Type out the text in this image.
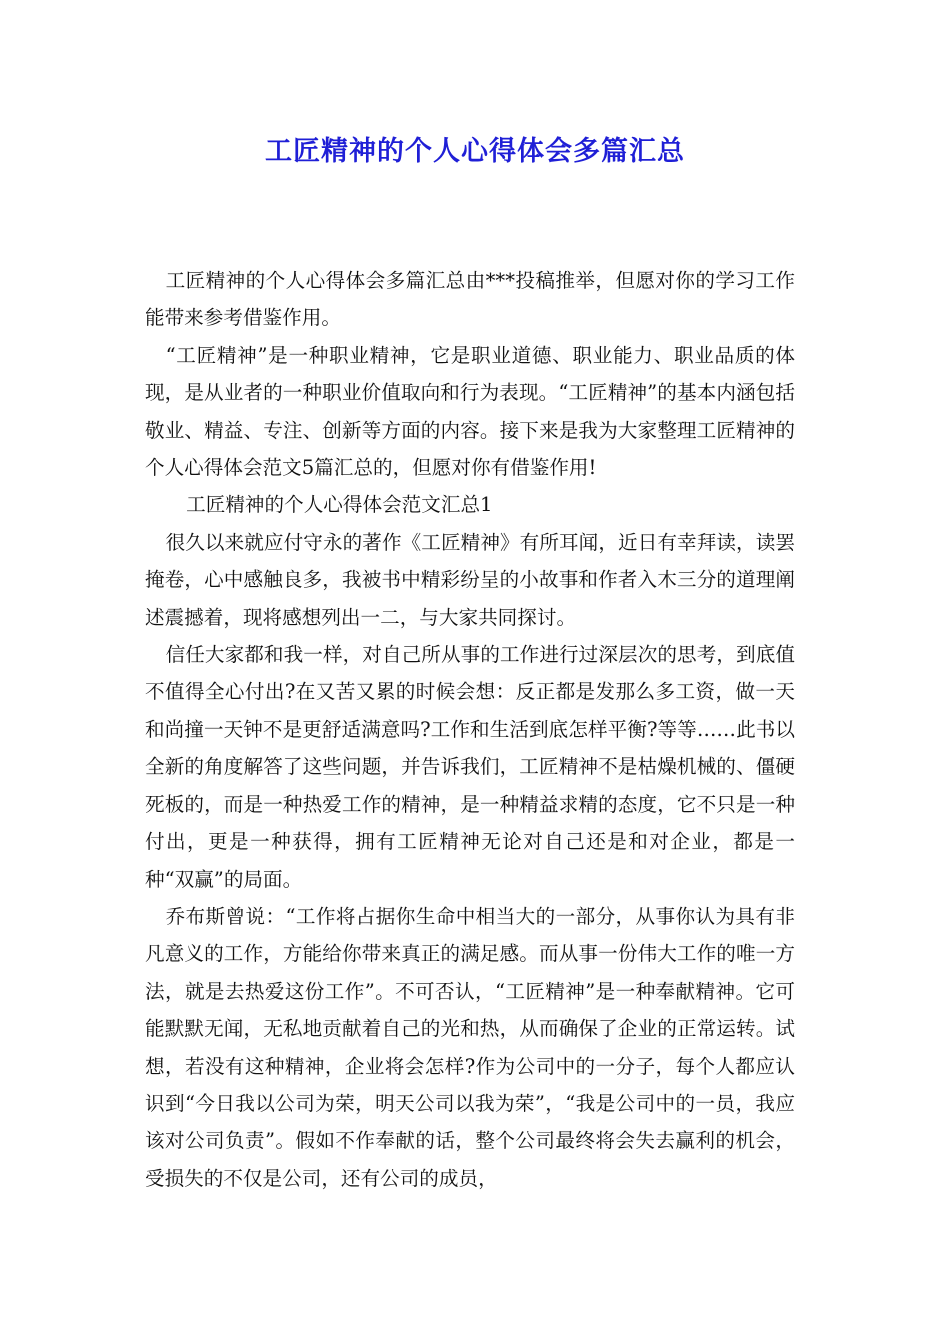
工匠精神的个人心得体会多篇汇总

工匠精神的个人心得体会多篇汇总由***投稿推举，但愿对你的学习工作能带来参考借鉴作用。

“工匠精神”是一种职业精神，它是职业道德、职业能力、职业品质的体现，是从业者的一种职业价值取向和行为表现。“工匠精神”的基本内涵包括敬业、精益、专注、创新等方面的内容。接下来是我为大家整理工匠精神的个人心得体会范文5篇汇总的，但愿对你有借鉴作用!

工匠精神的个人心得体会范文汇总1

很久以来就应付守永的著作《工匠精神》有所耳闻，近日有幸拜读，读罢掩卷，心中感触良多，我被书中精彩纷呈的小故事和作者入木三分的道理阐述震撼着，现将感想列出一二，与大家共同探讨。

信任大家都和我一样，对自己所从事的工作进行过深层次的思考，到底值不值得全心付出?在又苦又累的时候会想：反正都是发那么多工资，做一天和尚撞一天钟不是更舒适满意吗?工作和生活到底怎样平衡?等等……此书以全新的角度解答了这些问题，并告诉我们，工匠精神不是枯燥机械的、僵硬死板的，而是一种热爱工作的精神，是一种精益求精的态度，它不只是一种付出，更是一种获得，拥有工匠精神无论对自己还是和对企业，都是一种“双赢”的局面。

乔布斯曾说：“工作将占据你生命中相当大的一部分，从事你认为具有非凡意义的工作，方能给你带来真正的满足感。而从事一份伟大工作的唯一方法，就是去热爱这份工作”。不可否认，“工匠精神”是一种奉献精神。它可能默默无闻，无私地贡献着自己的光和热，从而确保了企业的正常运转。试想，若没有这种精神，企业将会怎样?作为公司中的一分子，每个人都应认识到“今日我以公司为荣，明天公司以我为荣”，“我是公司中的一员，我应该对公司负责”。假如不作奉献的话，整个公司最终将会失去赢利的机会，受损失的不仅是公司，还有公司的成员，
